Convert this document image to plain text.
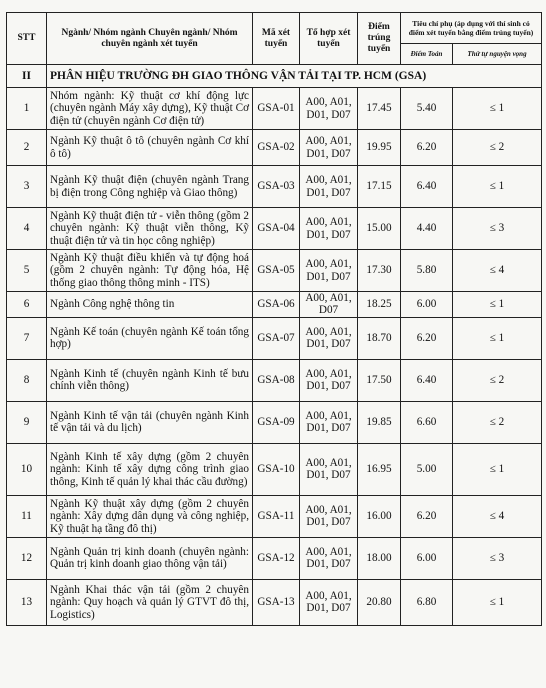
STT	Ngành/ Nhóm ngành Chuyên ngành/ Nhóm chuyên ngành xét tuyển	Mã xét tuyển	Tổ hợp xét tuyển	Điểm trúng tuyển	Tiêu chí phụ (áp dụng với thí sinh có điểm xét tuyển bằng điểm trúng tuyển)	
					Điểm Toán	Thứ tự nguyện vọng
II	PHÂN HIỆU TRƯỜNG ĐH GIAO THÔNG VẬN TẢI TẠI TP. HCM (GSA)					
1	Nhóm ngành: Kỹ thuật cơ khí động lực (chuyên ngành Máy xây dựng), Kỹ thuật Cơ điện tử (chuyên ngành Cơ điện tử)	GSA-01	A00, A01, D01, D07	17.45	5.40	≤ 1
2	Ngành Kỹ thuật ô tô (chuyên ngành Cơ khí ô tô)	GSA-02	A00, A01, D01, D07	19.95	6.20	≤ 2
3	Ngành Kỹ thuật điện (chuyên ngành Trang bị điện trong Công nghiệp và Giao thông)	GSA-03	A00, A01, D01, D07	17.15	6.40	≤ 1
4	Ngành Kỹ thuật điện tử - viễn thông (gồm 2 chuyên ngành: Kỹ thuật viễn thông, Kỹ thuật điện tử và tin học công nghiệp)	GSA-04	A00, A01, D01, D07	15.00	4.40	≤ 3
5	Ngành Kỹ thuật điều khiển và tự động hoá (gồm 2 chuyên ngành: Tự động hóa, Hệ thống giao thông thông minh - ITS)	GSA-05	A00, A01, D01, D07	17.30	5.80	≤ 4
6	Ngành Công nghệ thông tin	GSA-06	A00, A01, D07	18.25	6.00	≤ 1
7	Ngành Kế toán (chuyên ngành Kế toán tổng hợp)	GSA-07	A00, A01, D01, D07	18.70	6.20	≤ 1
8	Ngành Kinh tế (chuyên ngành Kinh tế bưu chính viễn thông)	GSA-08	A00, A01, D01, D07	17.50	6.40	≤ 2
9	Ngành Kinh tế vận tải (chuyên ngành Kinh tế vận tải và du lịch)	GSA-09	A00, A01, D01, D07	19.85	6.60	≤ 2
10	Ngành Kinh tế xây dựng (gồm 2 chuyên ngành: Kinh tế xây dựng công trình giao thông, Kinh tế quản lý khai thác cầu đường)	GSA-10	A00, A01, D01, D07	16.95	5.00	≤ 1
11	Ngành Kỹ thuật xây dựng (gồm 2 chuyên ngành: Xây dựng dân dụng và công nghiệp, Kỹ thuật hạ tầng đô thị)	GSA-11	A00, A01, D01, D07	16.00	6.20	≤ 4
12	Ngành Quản trị kinh doanh (chuyên ngành: Quản trị kinh doanh giao thông vận tải)	GSA-12	A00, A01, D01, D07	18.00	6.00	≤ 3
13	Ngành Khai thác vận tải (gồm 2 chuyên ngành: Quy hoạch và quản lý GTVT đô thị, Logistics)	GSA-13	A00, A01, D01, D07	20.80	6.80	≤ 1
